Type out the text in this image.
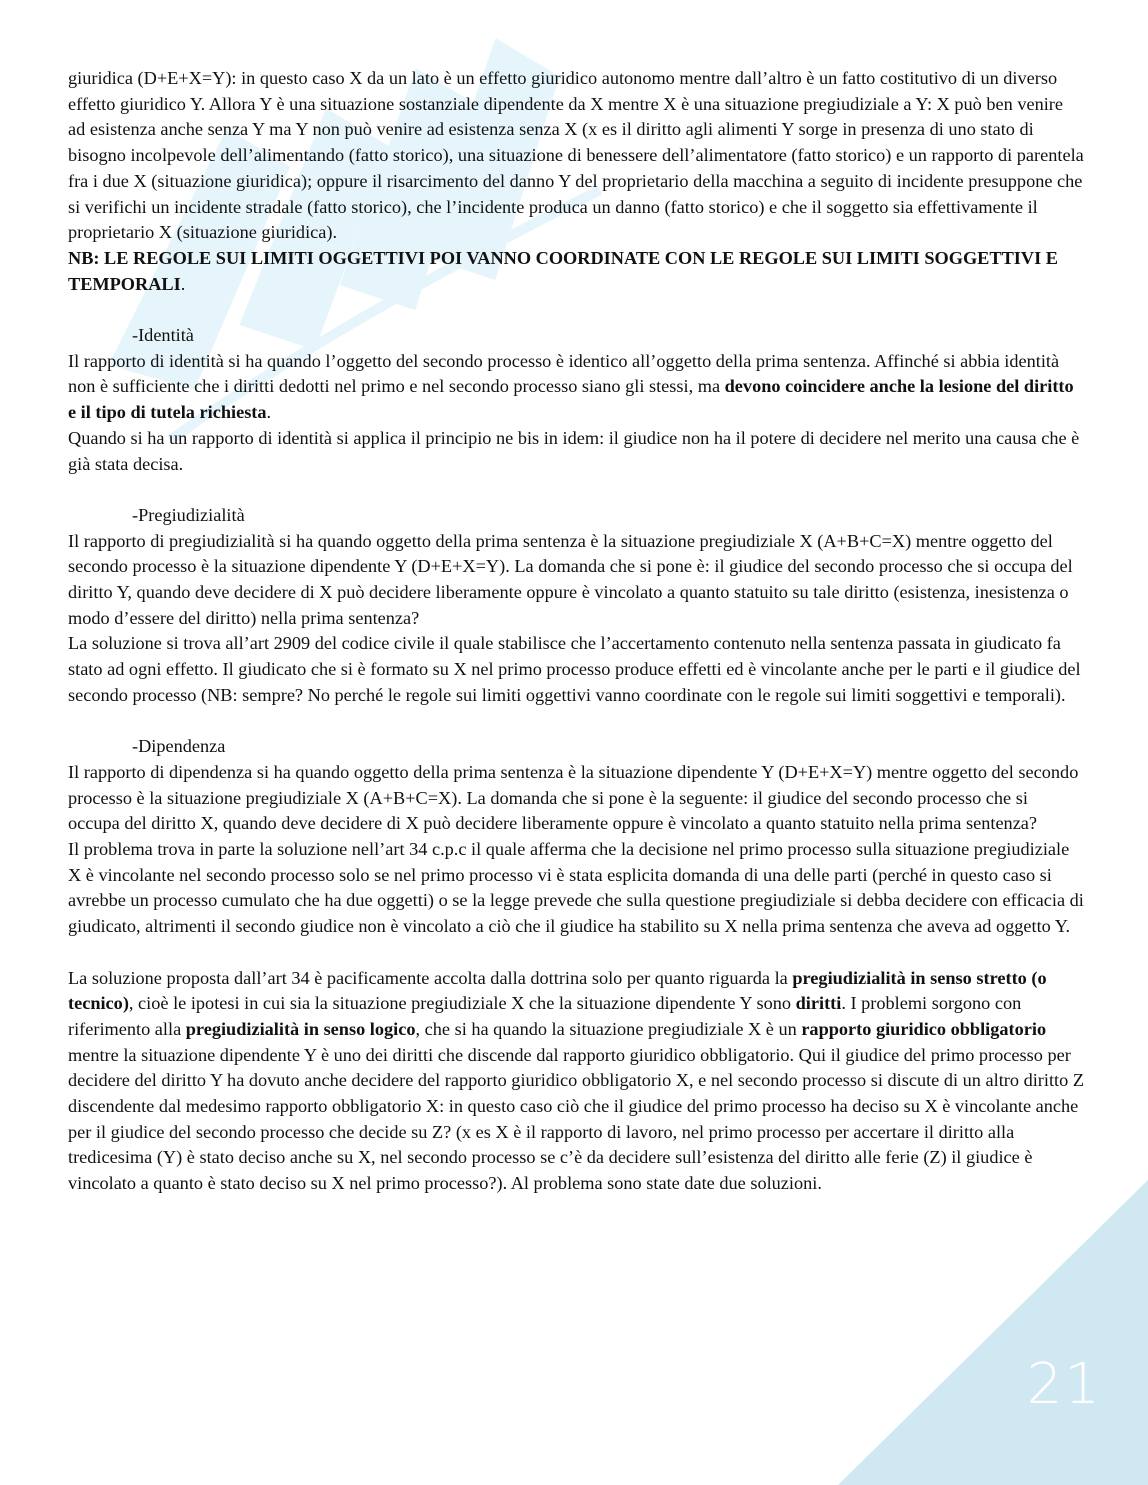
21

giuridica (D+E+X=Y): in questo caso X da un lato è un effetto giuridico autonomo mentre dall’altro è un fatto costitutivo di un diverso effetto giuridico Y. Allora Y è una situazione sostanziale dipendente da X mentre X è una situazione pregiudiziale a Y: X può ben venire ad esistenza anche senza Y ma Y non può venire ad esistenza senza X (x es il diritto agli alimenti Y sorge in presenza di uno stato di bisogno incolpevole dell’alimentando (fatto storico), una situazione di benessere dell’alimentatore (fatto storico) e un rapporto di parentela fra i due X (situazione giuridica); oppure il risarcimento del danno Y del proprietario della macchina a seguito di incidente presuppone che si verifichi un incidente stradale (fatto storico), che l’incidente produca un danno (fatto storico) e che il soggetto sia effettivamente il proprietario X (situazione giuridica).

NB: LE REGOLE SUI LIMITI OGGETTIVI POI VANNO COORDINATE CON LE REGOLE SUI LIMITI SOGGETTIVI E TEMPORALI.

-Identità

Il rapporto di identità si ha quando l’oggetto del secondo processo è identico all’oggetto della prima sentenza. Affinché si abbia identità non è sufficiente che i diritti dedotti nel primo e nel secondo processo siano gli stessi, ma devono coincidere anche la lesione del diritto e il tipo di tutela richiesta.

Quando si ha un rapporto di identità si applica il principio ne bis in idem: il giudice non ha il potere di decidere nel merito una causa che è già stata decisa.

-Pregiudizialità

Il rapporto di pregiudizialità si ha quando oggetto della prima sentenza è la situazione pregiudiziale X (A+B+C=X) mentre oggetto del secondo processo è la situazione dipendente Y (D+E+X=Y). La domanda che si pone è: il giudice del secondo processo che si occupa del diritto Y, quando deve decidere di X può decidere liberamente oppure è vincolato a quanto statuito su tale diritto (esistenza, inesistenza o modo d’essere del diritto) nella prima sentenza?

La soluzione si trova all’art 2909 del codice civile il quale stabilisce che l’accertamento contenuto nella sentenza passata in giudicato fa stato ad ogni effetto. Il giudicato che si è formato su X nel primo processo produce effetti ed è vincolante anche per le parti e il giudice del secondo processo (NB: sempre? No perché le regole sui limiti oggettivi vanno coordinate con le regole sui limiti soggettivi e temporali).

-Dipendenza

Il rapporto di dipendenza si ha quando oggetto della prima sentenza è la situazione dipendente Y (D+E+X=Y) mentre oggetto del secondo processo è la situazione pregiudiziale X (A+B+C=X). La domanda che si pone è la seguente: il giudice del secondo processo che si occupa del diritto X, quando deve decidere di X può decidere liberamente oppure è vincolato a quanto statuito nella prima sentenza?

Il problema trova in parte la soluzione nell’art 34 c.p.c il quale afferma che la decisione nel primo processo sulla situazione pregiudiziale X è vincolante nel secondo processo solo se nel primo processo vi è stata esplicita domanda di una delle parti (perché in questo caso si avrebbe un processo cumulato che ha due oggetti) o se la legge prevede che sulla questione pregiudiziale si debba decidere con efficacia di giudicato, altrimenti il secondo giudice non è vincolato a ciò che il giudice ha stabilito su X nella prima sentenza che aveva ad oggetto Y.

La soluzione proposta dall’art 34 è pacificamente accolta dalla dottrina solo per quanto riguarda la pregiudizialità in senso stretto (o tecnico), cioè le ipotesi in cui sia la situazione pregiudiziale X che la situazione dipendente Y sono diritti. I problemi sorgono con riferimento alla pregiudizialità in senso logico, che si ha quando la situazione pregiudiziale X è un rapporto giuridico obbligatorio mentre la situazione dipendente Y è uno dei diritti che discende dal rapporto giuridico obbligatorio. Qui il giudice del primo processo per decidere del diritto Y ha dovuto anche decidere del rapporto giuridico obbligatorio X, e nel secondo processo si discute di un altro diritto Z discendente dal medesimo rapporto obbligatorio X: in questo caso ciò che il giudice del primo processo ha deciso su X è vincolante anche per il giudice del secondo processo che decide su Z? (x es X è il rapporto di lavoro, nel primo processo per accertare il diritto alla tredicesima (Y) è stato deciso anche su X, nel secondo processo se c’è da decidere sull’esistenza del diritto alle ferie (Z) il giudice è vincolato a quanto è stato deciso su X nel primo processo?). Al problema sono state date due soluzioni.
